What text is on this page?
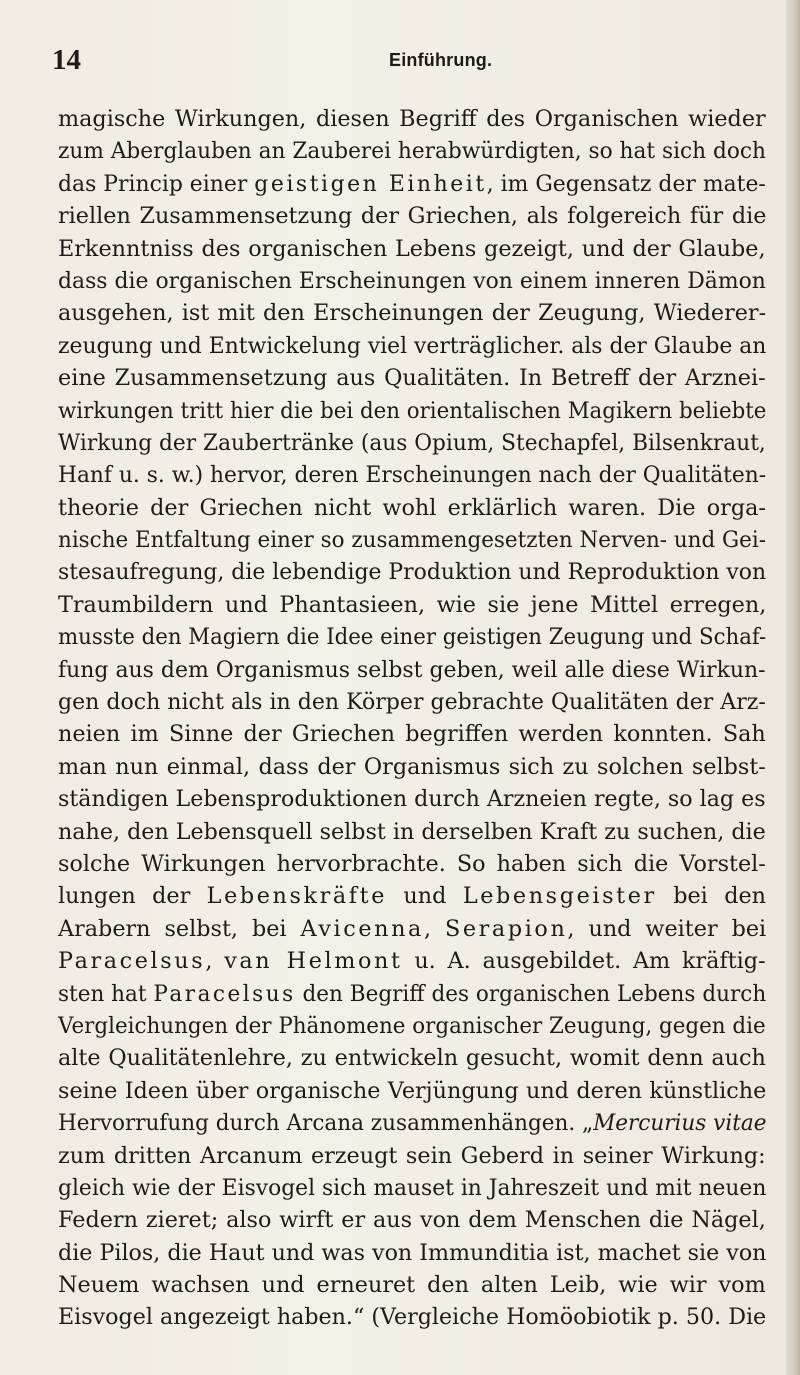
14	Einführung.
magische Wirkungen, diesen Begriff des Organischen wieder
zum Aberglauben an Zauberei herabwürdigten, so hat sich doch
das Princip einer geistigen Einheit, im Gegensatz der mate-
riellen Zusammensetzung der Griechen, als folgereich für die
Erkenntniss des organischen Lebens gezeigt, und der Glaube,
dass die organischen Erscheinungen von einem inneren Dämon
ausgehen, ist mit den Erscheinungen der Zeugung, Wiederer-
zeugung und Entwickelung viel verträglicher. als der Glaube an
eine Zusammensetzung aus Qualitäten. In Betreff der Arznei-
wirkungen tritt hier die bei den orientalischen Magikern beliebte
Wirkung der Zaubertränke (aus Opium, Stechapfel, Bilsenkraut,
Hanf u. s. w.) hervor, deren Erscheinungen nach der Qualitäten-
theorie der Griechen nicht wohl erklärlich waren. Die orga-
nische Entfaltung einer so zusammengesetzten Nerven- und Gei-
stesaufregung, die lebendige Produktion und Reproduktion von
Traumbildern und Phantasieen, wie sie jene Mittel erregen,
musste den Magiern die Idee einer geistigen Zeugung und Schaf-
fung aus dem Organismus selbst geben, weil alle diese Wirkun-
gen doch nicht als in den Körper gebrachte Qualitäten der Arz-
neien im Sinne der Griechen begriffen werden konnten. Sah
man nun einmal, dass der Organismus sich zu solchen selbst-
ständigen Lebensproduktionen durch Arzneien regte, so lag es
nahe, den Lebensquell selbst in derselben Kraft zu suchen, die
solche Wirkungen hervorbrachte. So haben sich die Vorstel-
lungen der Lebenskräfte und Lebensgeister bei den
Arabern selbst, bei Avicenna, Serapion, und weiter bei
Paracelsus, van Helmont u. A. ausgebildet. Am kräftig-
sten hat Paracelsus den Begriff des organischen Lebens durch
Vergleichungen der Phänomene organischer Zeugung, gegen die
alte Qualitätenlehre, zu entwickeln gesucht, womit denn auch
seine Ideen über organische Verjüngung und deren künstliche
Hervorrufung durch Arcana zusammenhängen. „Mercurius vitae
zum dritten Arcanum erzeugt sein Geberd in seiner Wirkung:
gleich wie der Eisvogel sich mauset in Jahreszeit und mit neuen
Federn zieret; also wirft er aus von dem Menschen die Nägel,
die Pilos, die Haut und was von Immunditia ist, machet sie von
Neuem wachsen und erneuret den alten Leib, wie wir vom
Eisvogel angezeigt haben.“ (Vergleiche Homöobiotik p. 50. Die
